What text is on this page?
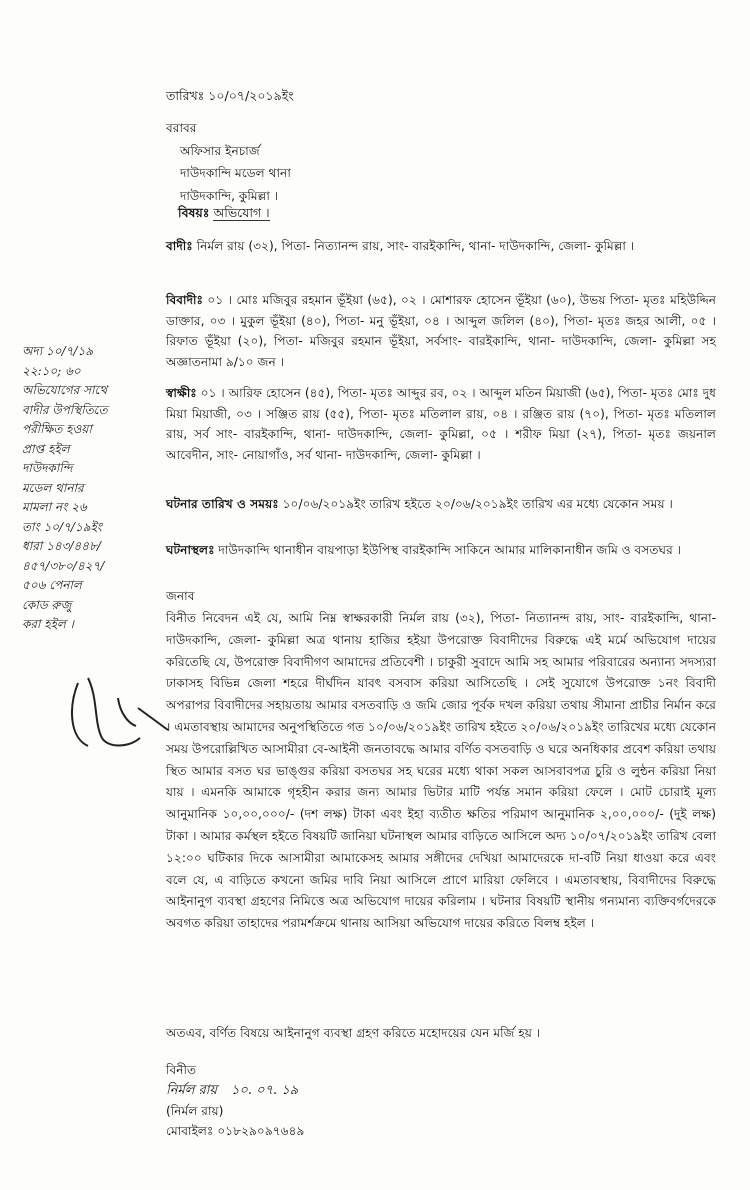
তারিখঃ ১০/০৭/২০১৯ইং
বরাবর
অফিসার ইনচার্জ
দাউদকান্দি মডেল থানা
দাউদকান্দি, কুমিল্লা ।
বিষয়ঃ অভিযোগ ।
বাদীঃ নির্মল রায় (৩২), পিতা- নিত্যানন্দ রায়, সাং- বারইকান্দি, থানা- দাউদকান্দি, জেলা- কুমিল্লা ।
বিবাদীঃ ০১ । মোঃ মজিবুর রহমান ভূঁইয়া (৬৫), ০২ । মোশারফ হোসেন ভূঁইয়া (৬০), উভয় পিতা- মৃতঃ মহিউদ্দিন ডাক্তার, ০৩ । মুকুল ভূঁইয়া (৪০), পিতা- মনু ভূঁইয়া, ০৪ । আব্দুল জলিল (৪০), পিতা- মৃতঃ জহর আলী, ০৫ । রিফাত ভূঁইয়া (২০), পিতা- মজিবুর রহমান ভূঁইয়া, সর্বসাং- বারইকান্দি, থানা- দাউদকান্দি, জেলা- কুমিল্লা সহ অজ্ঞাতনামা ৯/১০ জন ।
স্বাক্ষীঃ ০১ । আরিফ হোসেন (৪৫), পিতা- মৃতঃ আব্দুর রব, ০২ । আব্দুল মতিন মিয়াজী (৬৫), পিতা- মৃতঃ মোঃ দুধ মিয়া মিয়াজী, ০৩ । সঞ্জিত রায় (৫৫), পিতা- মৃতঃ মতিলাল রায়, ০৪ । রঞ্জিত রায় (৭০), পিতা- মৃতঃ মতিলাল রায়, সর্ব সাং- বারইকান্দি, থানা- দাউদকান্দি, জেলা- কুমিল্লা, ০৫ । শরীফ মিয়া (২৭), পিতা- মৃতঃ জয়নাল আবেদীন, সাং- নোয়াগাঁও, সর্ব থানা- দাউদকান্দি, জেলা- কুমিল্লা ।
ঘটনার তারিখ ও সময়ঃ ১০/০৬/২০১৯ইং তারিখ হইতে ২০/০৬/২০১৯ইং তারিখ এর মধ্যে যেকোন সময় ।
ঘটনাস্থলঃ দাউদকান্দি থানাধীন বায়পাড়া ইউপিস্থ বারইকান্দি সাকিনে আমার মালিকানাধীন জমি ও বসতঘর ।
জনাব
বিনীত নিবেদন এই যে, আমি নিম্ন স্বাক্ষরকারী নির্মল রায় (৩২), পিতা- নিত্যানন্দ রায়, সাং- বারইকান্দি, থানা- দাউদকান্দি, জেলা- কুমিল্লা অত্র থানায় হাজির হইয়া উপরোক্ত বিবাদীদের বিরুদ্ধে এই মর্মে অভিযোগ দায়ের করিতেছি যে, উপরোক্ত বিবাদীগণ আমাদের প্রতিবেশী । চাকুরী সুবাদে আমি সহ আমার পরিবারের অন্যান্য সদস্যরা ঢাকাসহ বিভিন্ন জেলা শহরে দীর্ঘদিন যাবৎ বসবাস করিয়া আসিতেছি । সেই সুযোগে উপরোক্ত ১নং বিবাদী অপরাপর বিবাদীদের সহায়তায় আমার বসতবাড়ি ও জমি জোর পূর্বক দখল করিয়া তথায় সীমানা প্রাচীর নির্মান করে । এমতাবস্থায় আমাদের অনুপস্থিতিতে গত ১০/০৬/২০১৯ইং তারিখ হইতে ২০/০৬/২০১৯ইং তারিখের মধ্যে যেকোন সময় উপরোল্লিখিত আসামীরা বে-আইনী জনতাবদ্ধে আমার বর্ণিত বসতবাড়ি ও ঘরে অনধিকার প্রবেশ করিয়া তথায় স্থিত আমার বসত ঘর ভাঙ্গুর করিয়া বসতঘর সহ ঘরের মধ্যে থাকা সকল আসবাবপত্র চুরি ও লুন্ঠন করিয়া নিয়া যায় । এমনকি আমাকে গৃহহীন করার জন্য আমার ভিটার মাটি পর্যন্ত সমান করিয়া ফেলে । মোট চোরাই মূল্য আনুমানিক ১০,০০,০০০/- (দশ লক্ষ) টাকা এবং ইহা ব্যতীত ক্ষতির পরিমাণ আনুমানিক ২,০০,০০০/- (দুই লক্ষ) টাকা । আমার কর্মস্থল হইতে বিষয়টি জানিয়া ঘটনাস্থল আমার বাড়িতে আসিলে অদ্য ১০/০৭/২০১৯ইং তারিখ বেলা ১২:০০ ঘটিকার দিকে আসামীরা আমাকেসহ আমার সঙ্গীদের দেখিয়া আমাদেরকে দা-বটি নিয়া ধাওয়া করে এবং বলে যে, এ বাড়িতে কখনো জমির দাবি নিয়া আসিলে প্রাণে মারিয়া ফেলিবে । এমতাবস্থায়, বিবাদীদের বিরুদ্ধে আইনানুগ ব্যবস্থা গ্রহণের নিমিত্তে অত্র অভিযোগ দায়ের করিলাম । ঘটনার বিষয়টি স্থানীয় গন্যমান্য ব্যক্তিবর্গদেরকে অবগত করিয়া তাহাদের পরামর্শক্রমে থানায় আসিয়া অভিযোগ দায়ের করিতে বিলম্ব হইল ।
অতএব, বর্ণিত বিষয়ে আইনানুগ ব্যবস্থা গ্রহণ করিতে মহোদয়ের যেন মর্জি হয় ।
বিনীত
নির্মল রায় ১০. ০৭. ১৯
(নির্মল রায়)
মোবাইলঃ ০১৮২৯০৯৭৬৪৯
অদ্য ১০/৭/১৯
২২:১০; ৬০
অভিযোগের সাথে
বাদীর উপস্থিতিতে
পরীক্ষিত হওয়া
প্রাপ্ত হইল
দাউদকান্দি
মডেল থানার
মামলা নং ২৬
তাং ১০/৭/১৯ইং
ধারা ১৪৩/৪৪৮/
৪৫৭/৩৮০/৪২৭/
৫০৬ পেনাল
কোড রুজু
করা হইল ।
